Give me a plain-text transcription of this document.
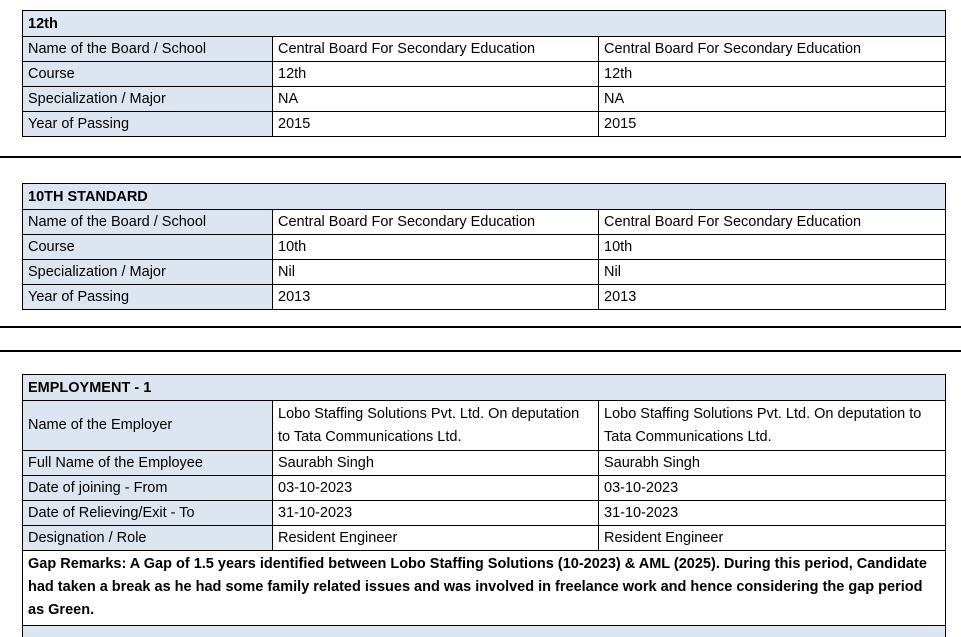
12th		
Name of the Board / School	Central Board For Secondary Education	Central Board For Secondary Education
Course	12th	12th
Specialization / Major	NA	NA
Year of Passing	2015	2015
10TH STANDARD		
Name of the Board / School	Central Board For Secondary Education	Central Board For Secondary Education
Course	10th	10th
Specialization / Major	Nil	Nil
Year of Passing	2013	2013
EMPLOYMENT - 1		
Name of the Employer	Lobo Staffing Solutions Pvt. Ltd. On deputation to Tata Communications Ltd.	Lobo Staffing Solutions Pvt. Ltd. On deputation to Tata Communications Ltd.
Full Name of the Employee	Saurabh Singh	Saurabh Singh
Date of joining - From	03-10-2023	03-10-2023
Date of Relieving/Exit - To	31-10-2023	31-10-2023
Designation / Role	Resident Engineer	Resident Engineer
Gap Remarks: A Gap of 1.5 years identified between Lobo Staffing Solutions (10-2023) & AML (2025). During this period, Candidate had taken a break as he had some family related issues and was involved in freelance work and hence considering the gap period as Green.		
